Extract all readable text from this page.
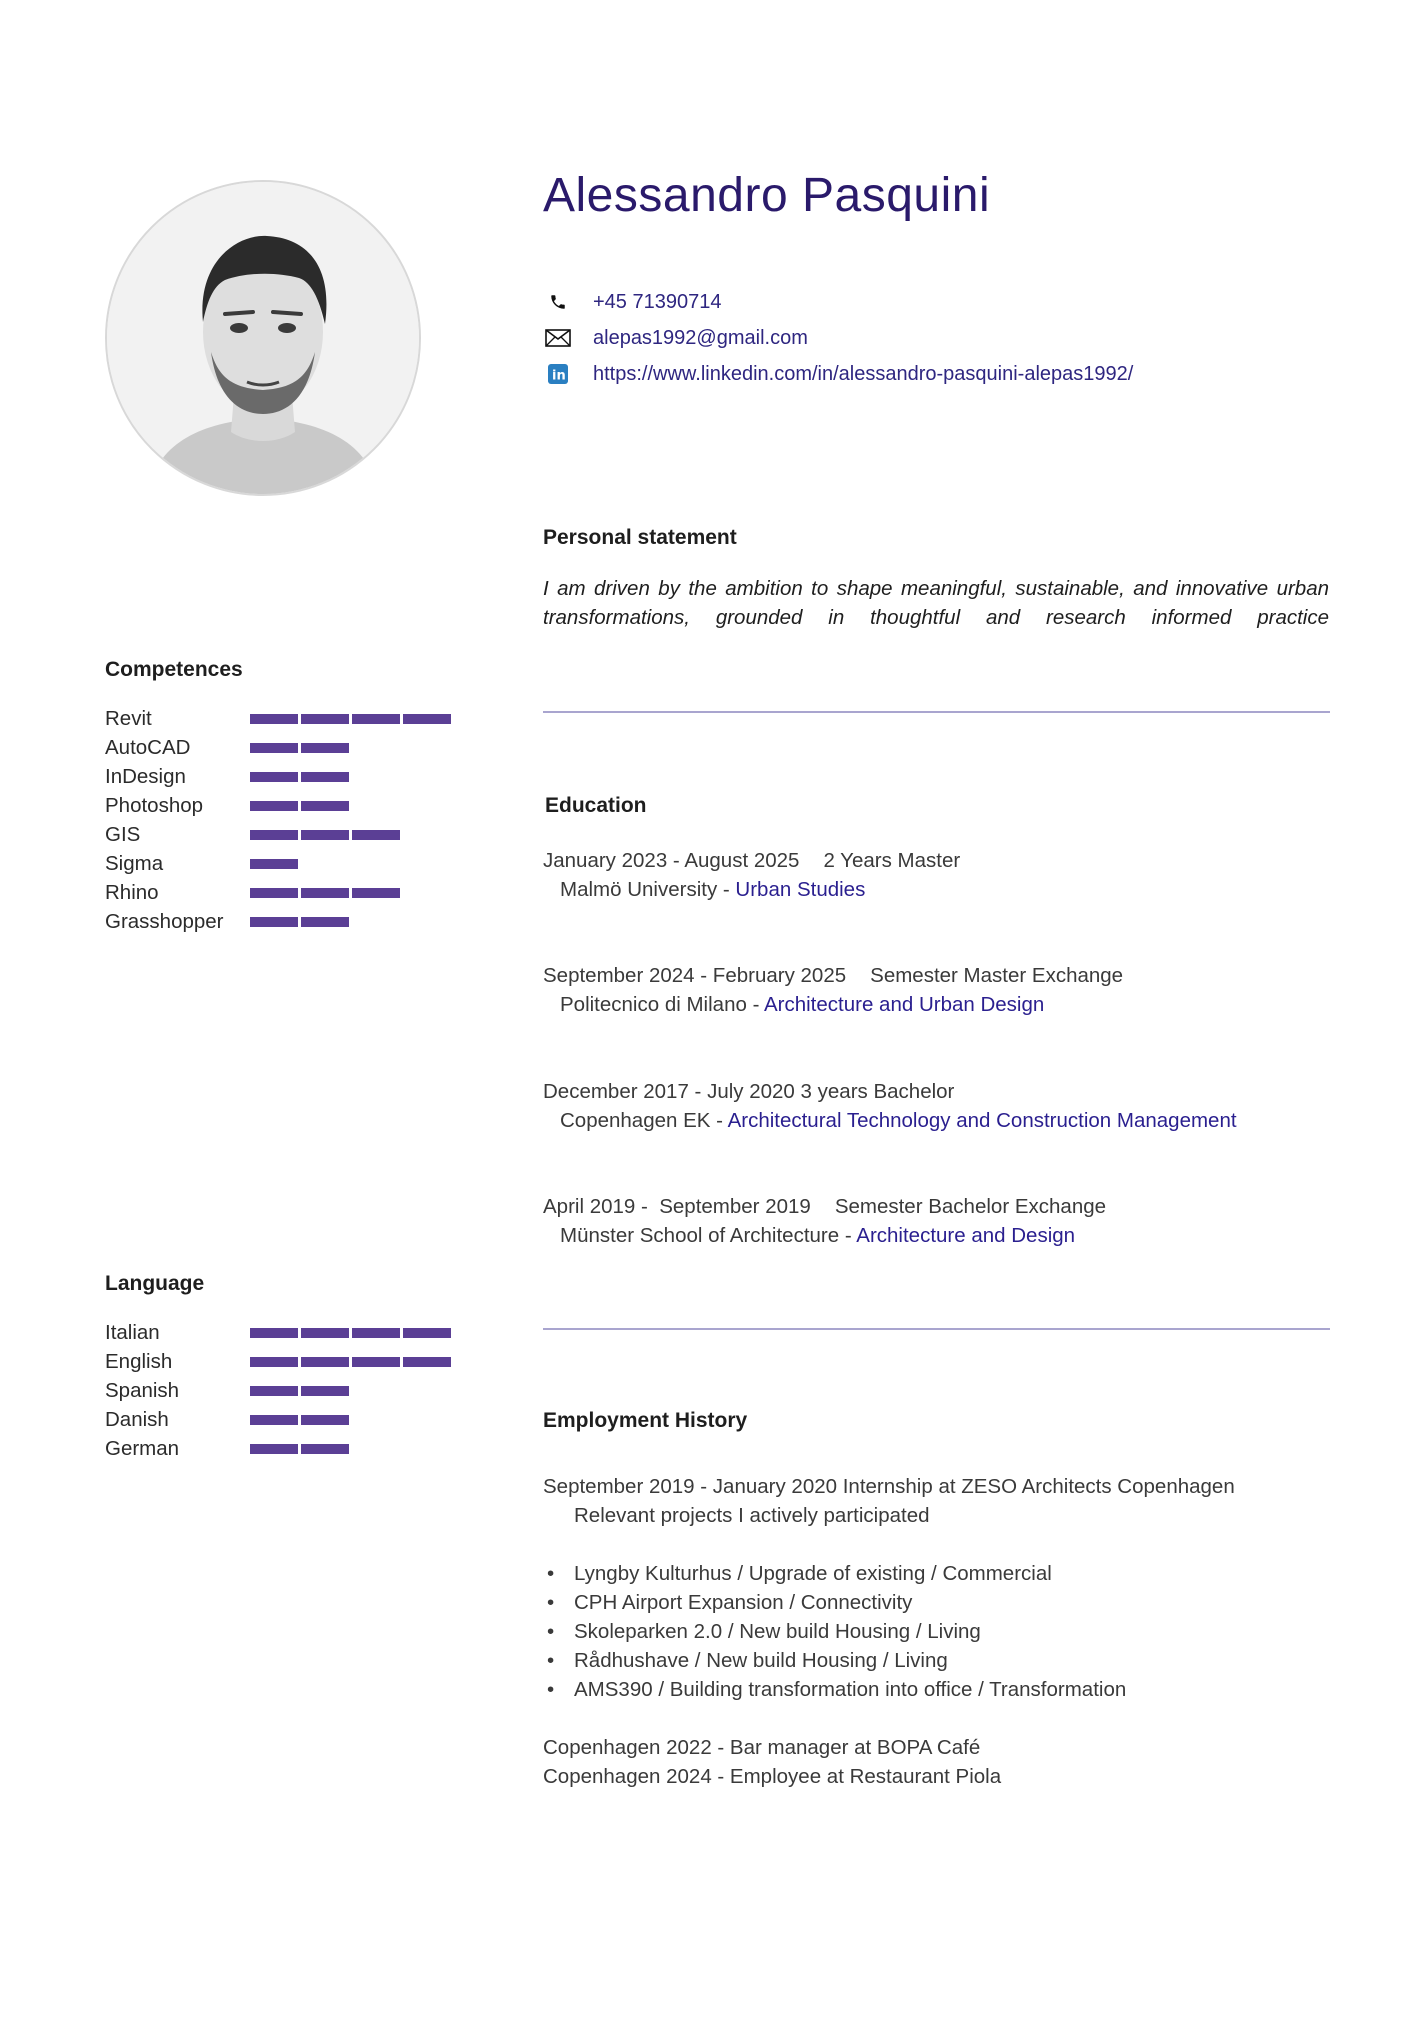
Alessandro Pasquini
+45 71390714
alepas1992@gmail.com
in https://www.linkedin.com/in/alessandro-pasquini-alepas1992/
Personal statement

I am driven by the ambition to shape meaningful, sustainable, and innovative urban transformations, grounded in thoughtful and research informed practice

Competences
Revit
AutoCAD
InDesign
Photoshop
GIS
Sigma
Rhino
Grasshopper
Language
Italian
English
Spanish
Danish
German
Education
January 2023 - August 2025 2 Years Master
Malmö University - Urban Studies
September 2024 - February 2025 Semester Master Exchange
Politecnico di Milano - Architecture and Urban Design
December 2017 - July 2020 3 years Bachelor
Copenhagen EK - Architectural Technology and Construction Management
April 2019 -  September 2019 Semester Bachelor Exchange
Münster School of Architecture - Architecture and Design
Employment History
September 2019 - January 2020 Internship at ZESO Architects Copenhagen
Relevant projects I actively participated
• Lyngby Kulturhus / Upgrade of existing / Commercial
• CPH Airport Expansion / Connectivity
• Skoleparken 2.0 / New build Housing / Living
• Rådhushave / New build Housing / Living
• AMS390 / Building transformation into office / Transformation
Copenhagen 2022 - Bar manager at BOPA Café
Copenhagen 2024 - Employee at Restaurant Piola
